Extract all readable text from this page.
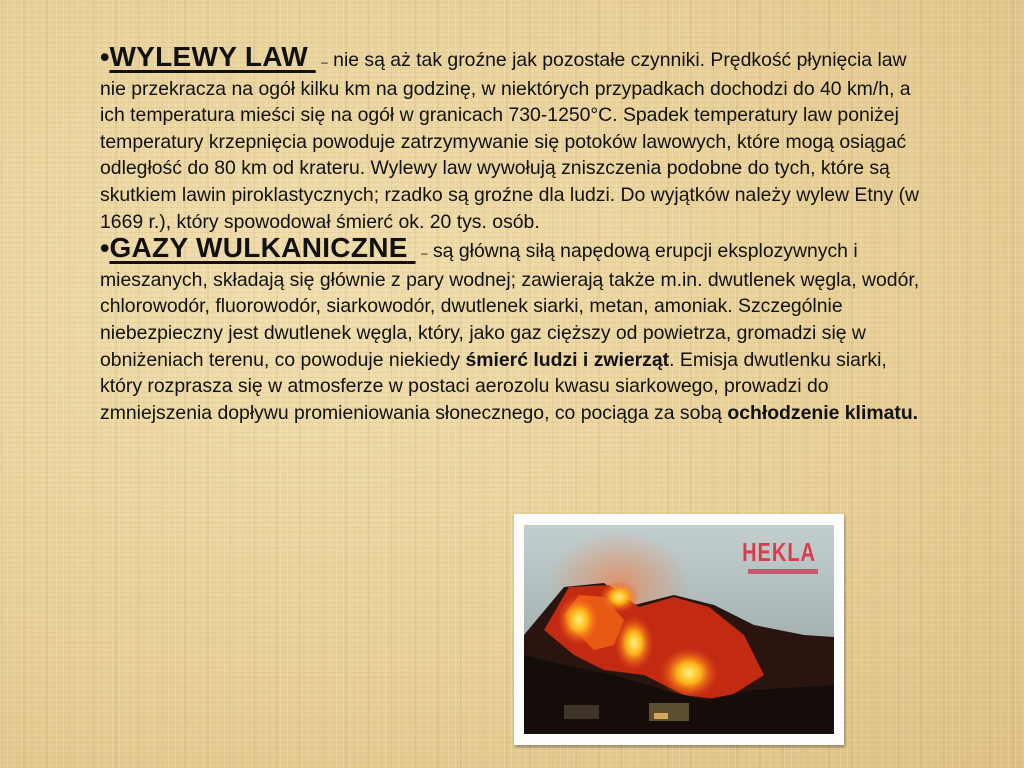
•WYLEWY LAW – nie są aż tak groźne jak pozostałe czynniki. Prędkość płynięcia law nie przekracza na ogół kilku km na godzinę, w niektórych przypadkach dochodzi do 40 km/h, a ich temperatura mieści się na ogół w granicach 730-1250°C. Spadek temperatury law poniżej temperatury krzepnięcia powoduje zatrzymywanie się potoków lawowych, które mogą osiągać odległość do 80 km od krateru. Wylewy law wywołują zniszczenia podobne do tych, które są skutkiem lawin piroklastycznych; rzadko są groźne dla ludzi. Do wyjątków należy wylew Etny (w 1669 r.), który spowodował śmierć ok. 20 tys. osób.

•GAZY WULKANICZNE – są główną siłą napędową erupcji eksplozywnych i mieszanych, składają się głównie z pary wodnej; zawierają także m.in. dwutlenek węgla, wodór, chlorowodór, fluorowodór, siarkowodór, dwutlenek siarki, metan, amoniak. Szczególnie niebezpieczny jest dwutlenek węgla, który, jako gaz cięższy od powietrza, gromadzi się w obniżeniach terenu, co powoduje niekiedy śmierć ludzi i zwierząt. Emisja dwutlenku siarki, który rozprasza się w atmosferze w postaci aerozolu kwasu siarkowego, prowadzi do zmniejszenia dopływu promieniowania słonecznego, co pociąga za sobą ochłodzenie klimatu.

HEKLA
